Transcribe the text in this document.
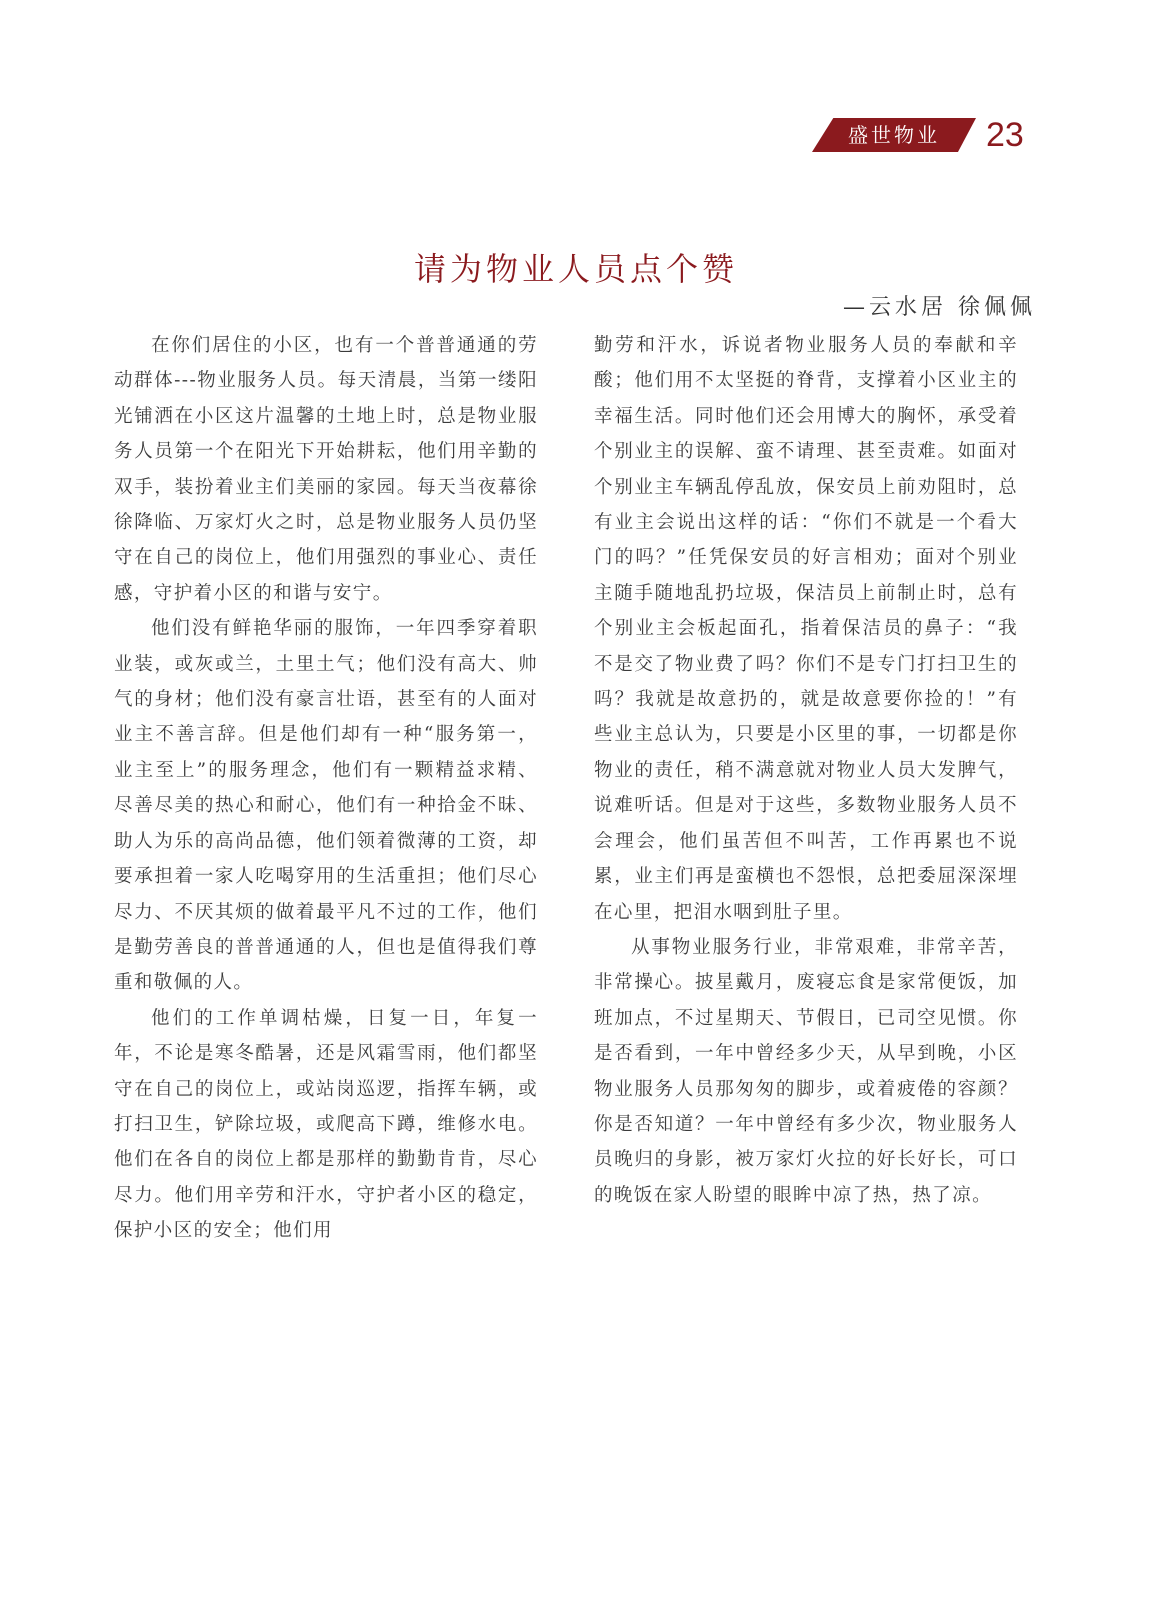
盛世物业	23
请为物业人员点个赞
—云水居 徐佩佩

在你们居住的小区，也有一个普普通通的劳动群体---物业服务人员。每天清晨，当第一缕阳光铺洒在小区这片温馨的土地上时，总是物业服务人员第一个在阳光下开始耕耘，他们用辛勤的双手，装扮着业主们美丽的家园。每天当夜幕徐徐降临、万家灯火之时，总是物业服务人员仍坚守在自己的岗位上，他们用强烈的事业心、责任感，守护着小区的和谐与安宁。

他们没有鲜艳华丽的服饰，一年四季穿着职业装，或灰或兰，土里土气；他们没有高大、帅气的身材；他们没有豪言壮语，甚至有的人面对业主不善言辞。但是他们却有一种“服务第一，业主至上”的服务理念，他们有一颗精益求精、尽善尽美的热心和耐心，他们有一种拾金不昧、助人为乐的高尚品德，他们领着微薄的工资，却要承担着一家人吃喝穿用的生活重担；他们尽心尽力、不厌其烦的做着最平凡不过的工作，他们是勤劳善良的普普通通的人，但也是值得我们尊重和敬佩的人。

他们的工作单调枯燥，日复一日，年复一年，不论是寒冬酷暑，还是风霜雪雨，他们都坚守在自己的岗位上，或站岗巡逻，指挥车辆，或打扫卫生，铲除垃圾，或爬高下蹲，维修水电。他们在各自的岗位上都是那样的勤勤肯肯，尽心尽力。他们用辛劳和汗水，守护者小区的稳定，保护小区的安全；他们用

勤劳和汗水，诉说者物业服务人员的奉献和辛酸；他们用不太坚挺的脊背，支撑着小区业主的幸福生活。同时他们还会用博大的胸怀，承受着个别业主的误解、蛮不请理、甚至责难。如面对个别业主车辆乱停乱放，保安员上前劝阻时，总有业主会说出这样的话：“你们不就是一个看大门的吗？”任凭保安员的好言相劝；面对个别业主随手随地乱扔垃圾，保洁员上前制止时，总有个别业主会板起面孔，指着保洁员的鼻子：“我不是交了物业费了吗？你们不是专门打扫卫生的吗？我就是故意扔的，就是故意要你捡的！”有些业主总认为，只要是小区里的事，一切都是你物业的责任，稍不满意就对物业人员大发脾气，说难听话。但是对于这些，多数物业服务人员不会理会，他们虽苦但不叫苦，工作再累也不说累，业主们再是蛮横也不怨恨，总把委屈深深埋在心里，把泪水咽到肚子里。

从事物业服务行业，非常艰难，非常辛苦，非常操心。披星戴月，废寝忘食是家常便饭，加班加点，不过星期天、节假日，已司空见惯。你是否看到，一年中曾经多少天，从早到晚，小区物业服务人员那匆匆的脚步，或着疲倦的容颜？你是否知道？一年中曾经有多少次，物业服务人员晚归的身影，被万家灯火拉的好长好长，可口的晚饭在家人盼望的眼眸中凉了热，热了凉。
